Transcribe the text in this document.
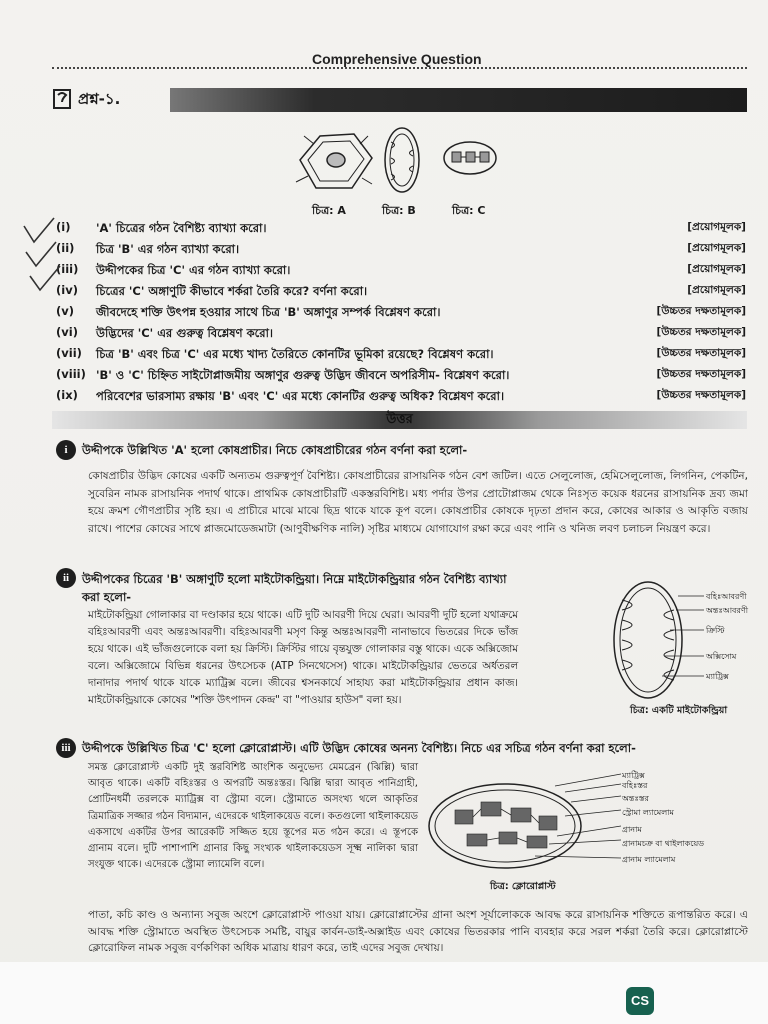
Comprehensive Question
প্রশ্ন-১.
চিত্র: A	চিত্র: B	চিত্র: C
(i)	'A' চিত্রের গঠন বৈশিষ্ট্য ব্যাখ্যা করো।	[প্রয়োগমূলক]
(ii)	চিত্র 'B' এর গঠন ব্যাখ্যা করো।	[প্রয়োগমূলক]
(iii)	উদ্দীপকের চিত্র 'C' এর গঠন ব্যাখ্যা করো।	[প্রয়োগমূলক]
(iv)	চিত্রের 'C' অঙ্গাণুটি কীভাবে শর্করা তৈরি করে? বর্ণনা করো।	[প্রয়োগমূলক]
(v)	জীবদেহে শক্তি উৎপন্ন হওয়ার সাথে চিত্র 'B' অঙ্গাণুর সম্পর্ক বিশ্লেষণ করো।	[উচ্চতর দক্ষতামূলক]
(vi)	উদ্ভিদের 'C' এর গুরুত্ব বিশ্লেষণ করো।	[উচ্চতর দক্ষতামূলক]
(vii)	চিত্র 'B' এবং চিত্র 'C' এর মধ্যে খাদ্য তৈরিতে কোনটির ভূমিকা রয়েছে? বিশ্লেষণ করো।	[উচ্চতর দক্ষতামূলক]
(viii) 'B' ও 'C' চিহ্নিত সাইটোপ্লাজমীয় অঙ্গাণুর গুরুত্ব উদ্ভিদ জীবনে অপরিসীম- বিশ্লেষণ করো।	[উচ্চতর দক্ষতামূলক]
(ix)	পরিবেশের ভারসাম্য রক্ষায় 'B' এবং 'C' এর মধ্যে কোনটির গুরুত্ব অধিক? বিশ্লেষণ করো।	[উচ্চতর দক্ষতামূলক]
উত্তর
i	উদ্দীপকে উল্লিখিত 'A' হলো কোষপ্রাচীর। নিচে কোষপ্রাচীরের গঠন বর্ণনা করা হলো-
কোষপ্রাচীর উদ্ভিদ কোষের একটি অন্যতম গুরুত্বপূর্ণ বৈশিষ্ট্য। কোষপ্রাচীরের রাসায়নিক গঠন বেশ জটিল। এতে সেলুলোজ, হেমিসেলুলোজ, লিগনিন, পেকটিন, সুবেরিন নামক রাসায়নিক পদার্থ থাকে। প্রাথমিক কোষপ্রাচীরটি একস্তরবিশিষ্ট। মধ্য পর্দার উপর প্রোটোপ্লাজম থেকে নিঃসৃত কয়েক ধরনের রাসায়নিক দ্রব্য জমা হয়ে ক্রমশ গৌণপ্রাচীর সৃষ্টি হয়। এ প্রাচীরে মাঝে মাঝে ছিদ্র থাকে যাকে কূপ বলে। কোষপ্রাচীর কোষকে দৃঢ়তা প্রদান করে, কোষের আকার ও আকৃতি বজায় রাখে। পাশের কোষের সাথে প্লাজমোডেজমাটা (আণুবীক্ষণিক নালি) সৃষ্টির মাধ্যমে যোগাযোগ রক্ষা করে এবং পানি ও খনিজ লবণ চলাচল নিয়ন্ত্রণ করে।
ii	উদ্দীপকের চিত্রের 'B' অঙ্গাণুটি হলো মাইটোকন্ড্রিয়া। নিম্নে মাইটোকন্ড্রিয়ার গঠন বৈশিষ্ট্য ব্যাখ্যা করা হলো-
মাইটোকন্ড্রিয়া গোলাকার বা দণ্ডাকার হয়ে থাকে। এটি দুটি আবরণী দিয়ে ঘেরা। আবরণী দুটি হলো যথাক্রমে বহিঃআবরণী এবং অন্তঃআবরণী। বহিঃআবরণী মসৃণ কিন্তু অন্তঃআবরণী নানাভাবে ভিতরের দিকে ভাঁজ হয়ে থাকে। এই ভাঁজগুলোকে বলা হয় ক্রিস্টি। ক্রিস্টির গায়ে বৃন্তযুক্ত গোলাকার বস্তু থাকে। একে অক্সিজোম বলে। অক্সিজোমে বিভিন্ন ধরনের উৎসেচক (ATP সিনথেসেস) থাকে। মাইটোকন্ড্রিয়ার ভেতরে অর্ধতরল দানাদার পদার্থ থাকে যাকে ম্যাট্রিক্স বলে। জীবের শ্বসনকার্যে সাহায্য করা মাইটোকন্ড্রিয়ার প্রধান কাজ। মাইটোকন্ড্রিয়াকে কোষের "শক্তি উৎপাদন কেন্দ্র" বা "পাওয়ার হাউস" বলা হয়।
বহিঃআবরণী
অন্তঃআবরণী
ক্রিস্টি
অক্সিসোম
ম্যাট্রিক্স
চিত্র: একটি মাইটোকন্ড্রিয়া
iii উদ্দীপকে উল্লিখিত চিত্র 'C' হলো ক্লোরোপ্লাস্ট। এটি উদ্ভিদ কোষের অনন্য বৈশিষ্ট্য। নিচে এর সচিত্র গঠন বর্ণনা করা হলো-
সমস্ত ক্লোরোপ্লাস্ট একটি দুই স্তরবিশিষ্ট আংশিক অনুভেদ্য মেমব্রেন (ঝিল্লি) দ্বারা আবৃত থাকে। একটি বহিঃস্তর ও অপরটি অন্তঃস্তর। ঝিল্লি দ্বারা আবৃত পানিগ্রাহী, প্রোটিনধর্মী তরলকে ম্যাট্রিক্স বা স্ট্রোমা বলে। স্ট্রোমাতে অসংখ্য থলে আকৃতির ত্রিমাত্রিক সজ্জার গঠন বিদ্যমান, এদেরকে থাইলাকয়েড বলে। কতগুলো থাইলাকয়েড একসাথে একটির উপর আরেকটি সজ্জিত হয়ে স্তূপের মত গঠন করে। এ স্তূপকে গ্রানাম বলে। দুটি পাশাপাশি গ্রানার কিছু সংখ্যক থাইলাকয়েডস সূক্ষ্ম নালিকা দ্বারা সংযুক্ত থাকে। এদেরকে স্ট্রোমা ল্যামেলি বলে।
পাতা, কচি কাণ্ড ও অন্যান্য সবুজ অংশে ক্লোরোপ্লাস্ট পাওয়া যায়। ক্লোরোপ্লাস্টের গ্রানা অংশ সূর্যালোককে আবদ্ধ করে রাসায়নিক শক্তিতে রূপান্তরিত করে। এ আবদ্ধ শক্তি স্ট্রোমাতে অবস্থিত উৎসেচক সমষ্টি, বায়ুর কার্বন-ডাই-অক্সাইড এবং কোষের ভিতরকার পানি ব্যবহার করে সরল শর্করা তৈরি করে। ক্লোরোপ্লাস্টে ক্লোরোফিল নামক সবুজ বর্ণকণিকা অধিক মাত্রায় ধারণ করে, তাই এদের সবুজ দেখায়।
ম্যাট্রিক্স
বহিঃস্তর
অন্তঃস্তর
স্ট্রোমা ল্যামেলাম
গ্রানাম
গ্রানামচক্র বা থাইলাকয়েড
গ্রানাম ল্যামেলাম
চিত্র: ক্লোরোপ্লাস্ট
CS
